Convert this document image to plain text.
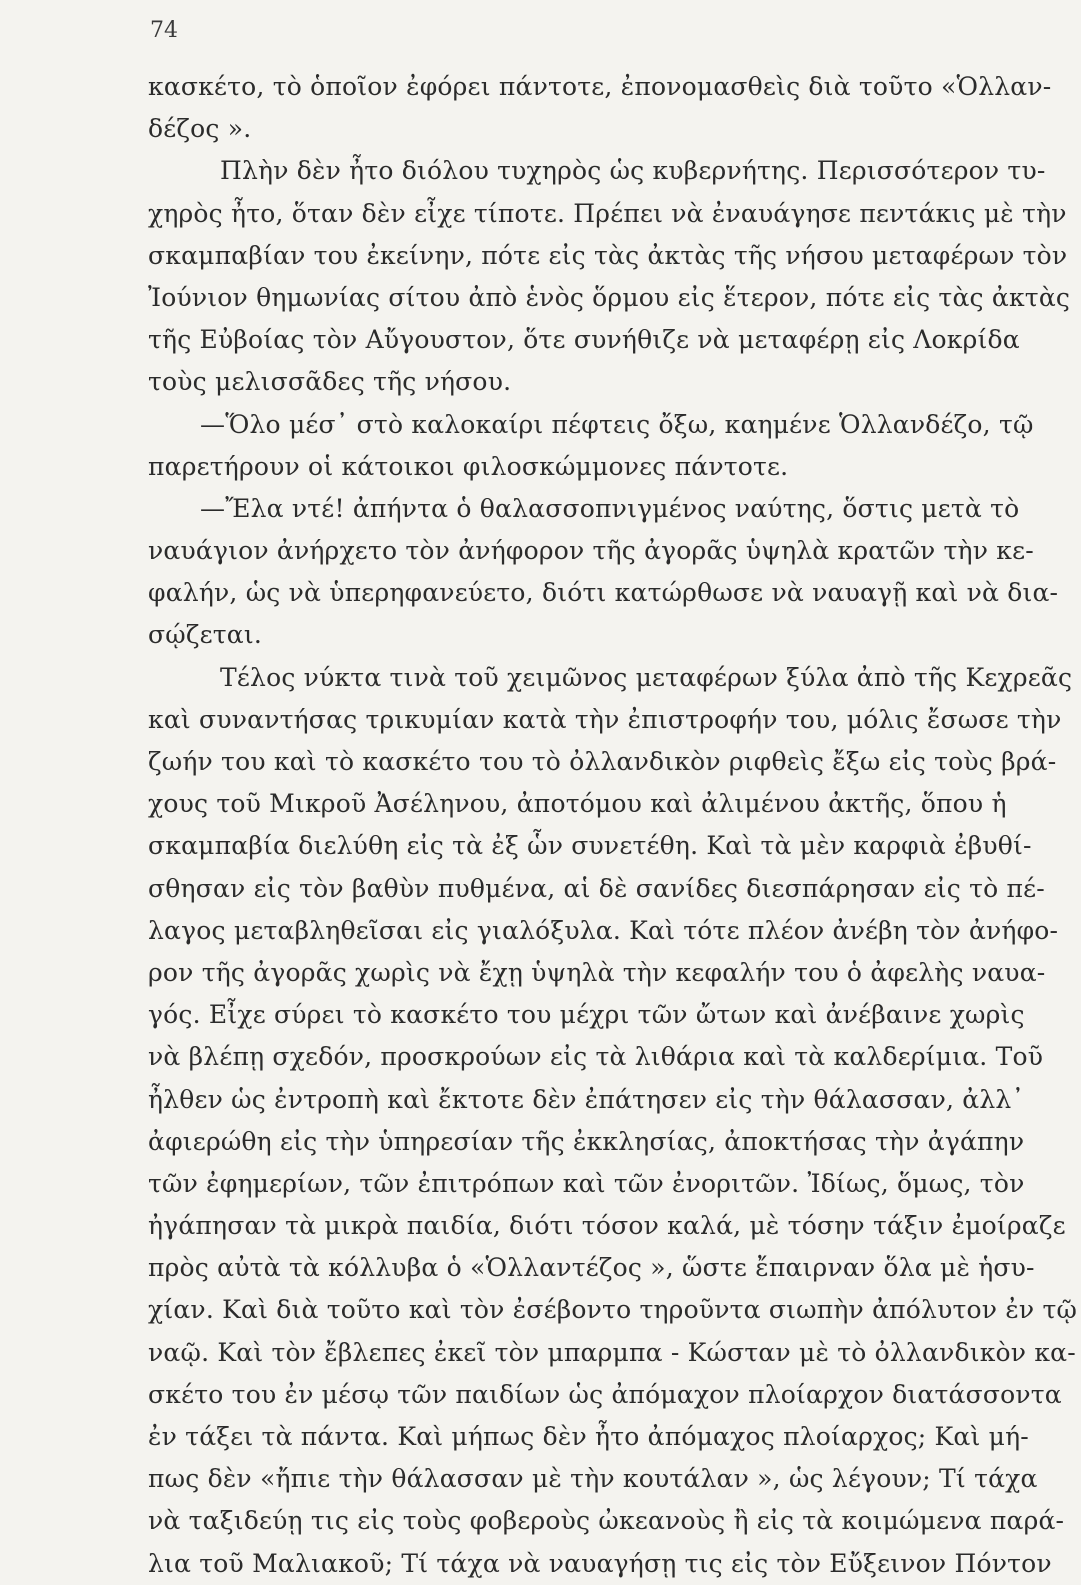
74
κασκέτο, τὸ ὁποῖον ἐφόρει πάντοτε, ἐπονομασθεὶς διὰ τοῦτο «Ὁλλαν-
δέζος ».
Πλὴν δὲν ἦτο διόλου τυχηρὸς ὡς κυβερνήτης. Περισσότερον τυ-
χηρὸς ἦτο, ὅταν δὲν εἶχε τίποτε. Πρέπει νὰ ἐναυάγησε πεντάκις μὲ τὴν
σκαμπαβίαν του ἐκείνην, πότε εἰς τὰς ἀκτὰς τῆς νήσου μεταφέρων τὸν
Ἰούνιον θημωνίας σίτου ἀπὸ ἑνὸς ὅρμου εἰς ἕτερον, πότε εἰς τὰς ἀκτὰς
τῆς Εὐβοίας τὸν Αὔγουστον, ὅτε συνήθιζε νὰ μεταφέρῃ εἰς Λοκρίδα
τοὺς μελισσᾶδες τῆς νήσου.
—Ὅλο μέσ᾽ στὸ καλοκαίρι πέφτεις ὄξω, καημένε Ὁλλανδέζο, τῷ
παρετήρουν οἱ κάτοικοι φιλοσκώμμονες πάντοτε.
—Ἔλα ντέ! ἀπήντα ὁ θαλασσοπνιγμένος ναύτης, ὅστις μετὰ τὸ
ναυάγιον ἀνήρχετο τὸν ἀνήφορον τῆς ἀγορᾶς ὑψηλὰ κρατῶν τὴν κε-
φαλήν, ὡς νὰ ὑπερηφανεύετο, διότι κατώρθωσε νὰ ναυαγῇ καὶ νὰ δια-
σῴζεται.
Τέλος νύκτα τινὰ τοῦ χειμῶνος μεταφέρων ξύλα ἀπὸ τῆς Κεχρεᾶς
καὶ συναντήσας τρικυμίαν κατὰ τὴν ἐπιστροφήν του, μόλις ἔσωσε τὴν
ζωήν του καὶ τὸ κασκέτο του τὸ ὀλλανδικὸν ριφθεὶς ἔξω εἰς τοὺς βρά-
χους τοῦ Μικροῦ Ἀσέληνου, ἀποτόμου καὶ ἀλιμένου ἀκτῆς, ὅπου ἡ
σκαμπαβία διελύθη εἰς τὰ ἐξ ὧν συνετέθη. Καὶ τὰ μὲν καρφιὰ ἐβυθί-
σθησαν εἰς τὸν βαθὺν πυθμένα, αἱ δὲ σανίδες διεσπάρησαν εἰς τὸ πέ-
λαγος μεταβληθεῖσαι εἰς γιαλόξυλα. Καὶ τότε πλέον ἀνέβη τὸν ἀνήφο-
ρον τῆς ἀγορᾶς χωρὶς νὰ ἔχῃ ὑψηλὰ τὴν κεφαλήν του ὁ ἀφελὴς ναυα-
γός. Εἶχε σύρει τὸ κασκέτο του μέχρι τῶν ὤτων καὶ ἀνέβαινε χωρὶς
νὰ βλέπῃ σχεδόν, προσκρούων εἰς τὰ λιθάρια καὶ τὰ καλδερίμια. Τοῦ
ἦλθεν ὡς ἐντροπὴ καὶ ἔκτοτε δὲν ἐπάτησεν εἰς τὴν θάλασσαν, ἀλλ᾽
ἀφιερώθη εἰς τὴν ὑπηρεσίαν τῆς ἐκκλησίας, ἀποκτήσας τὴν ἀγάπην
τῶν ἐφημερίων, τῶν ἐπιτρόπων καὶ τῶν ἐνοριτῶν. Ἰδίως, ὅμως, τὸν
ἠγάπησαν τὰ μικρὰ παιδία, διότι τόσον καλά, μὲ τόσην τάξιν ἐμοίραζε
πρὸς αὐτὰ τὰ κόλλυβα ὁ «Ὁλλαντέζος », ὥστε ἔπαιρναν ὅλα μὲ ἡσυ-
χίαν. Καὶ διὰ τοῦτο καὶ τὸν ἐσέβοντο τηροῦντα σιωπὴν ἀπόλυτον ἐν τῷ
ναῷ. Καὶ τὸν ἔβλεπες ἐκεῖ τὸν μπαρμπα - Κώσταν μὲ τὸ ὀλλανδικὸν κα-
σκέτο του ἐν μέσῳ τῶν παιδίων ὡς ἀπόμαχον πλοίαρχον διατάσσοντα
ἐν τάξει τὰ πάντα. Καὶ μήπως δὲν ἦτο ἀπόμαχος πλοίαρχος; Καὶ μή-
πως δὲν «ἤπιε τὴν θάλασσαν μὲ τὴν κουτάλαν », ὡς λέγουν; Τί τάχα
νὰ ταξιδεύῃ τις εἰς τοὺς φοβεροὺς ὠκεανοὺς ἢ εἰς τὰ κοιμώμενα παρά-
λια τοῦ Μαλιακοῦ; Τί τάχα νὰ ναυαγήσῃ τις εἰς τὸν Εὔξεινον Πόντον
